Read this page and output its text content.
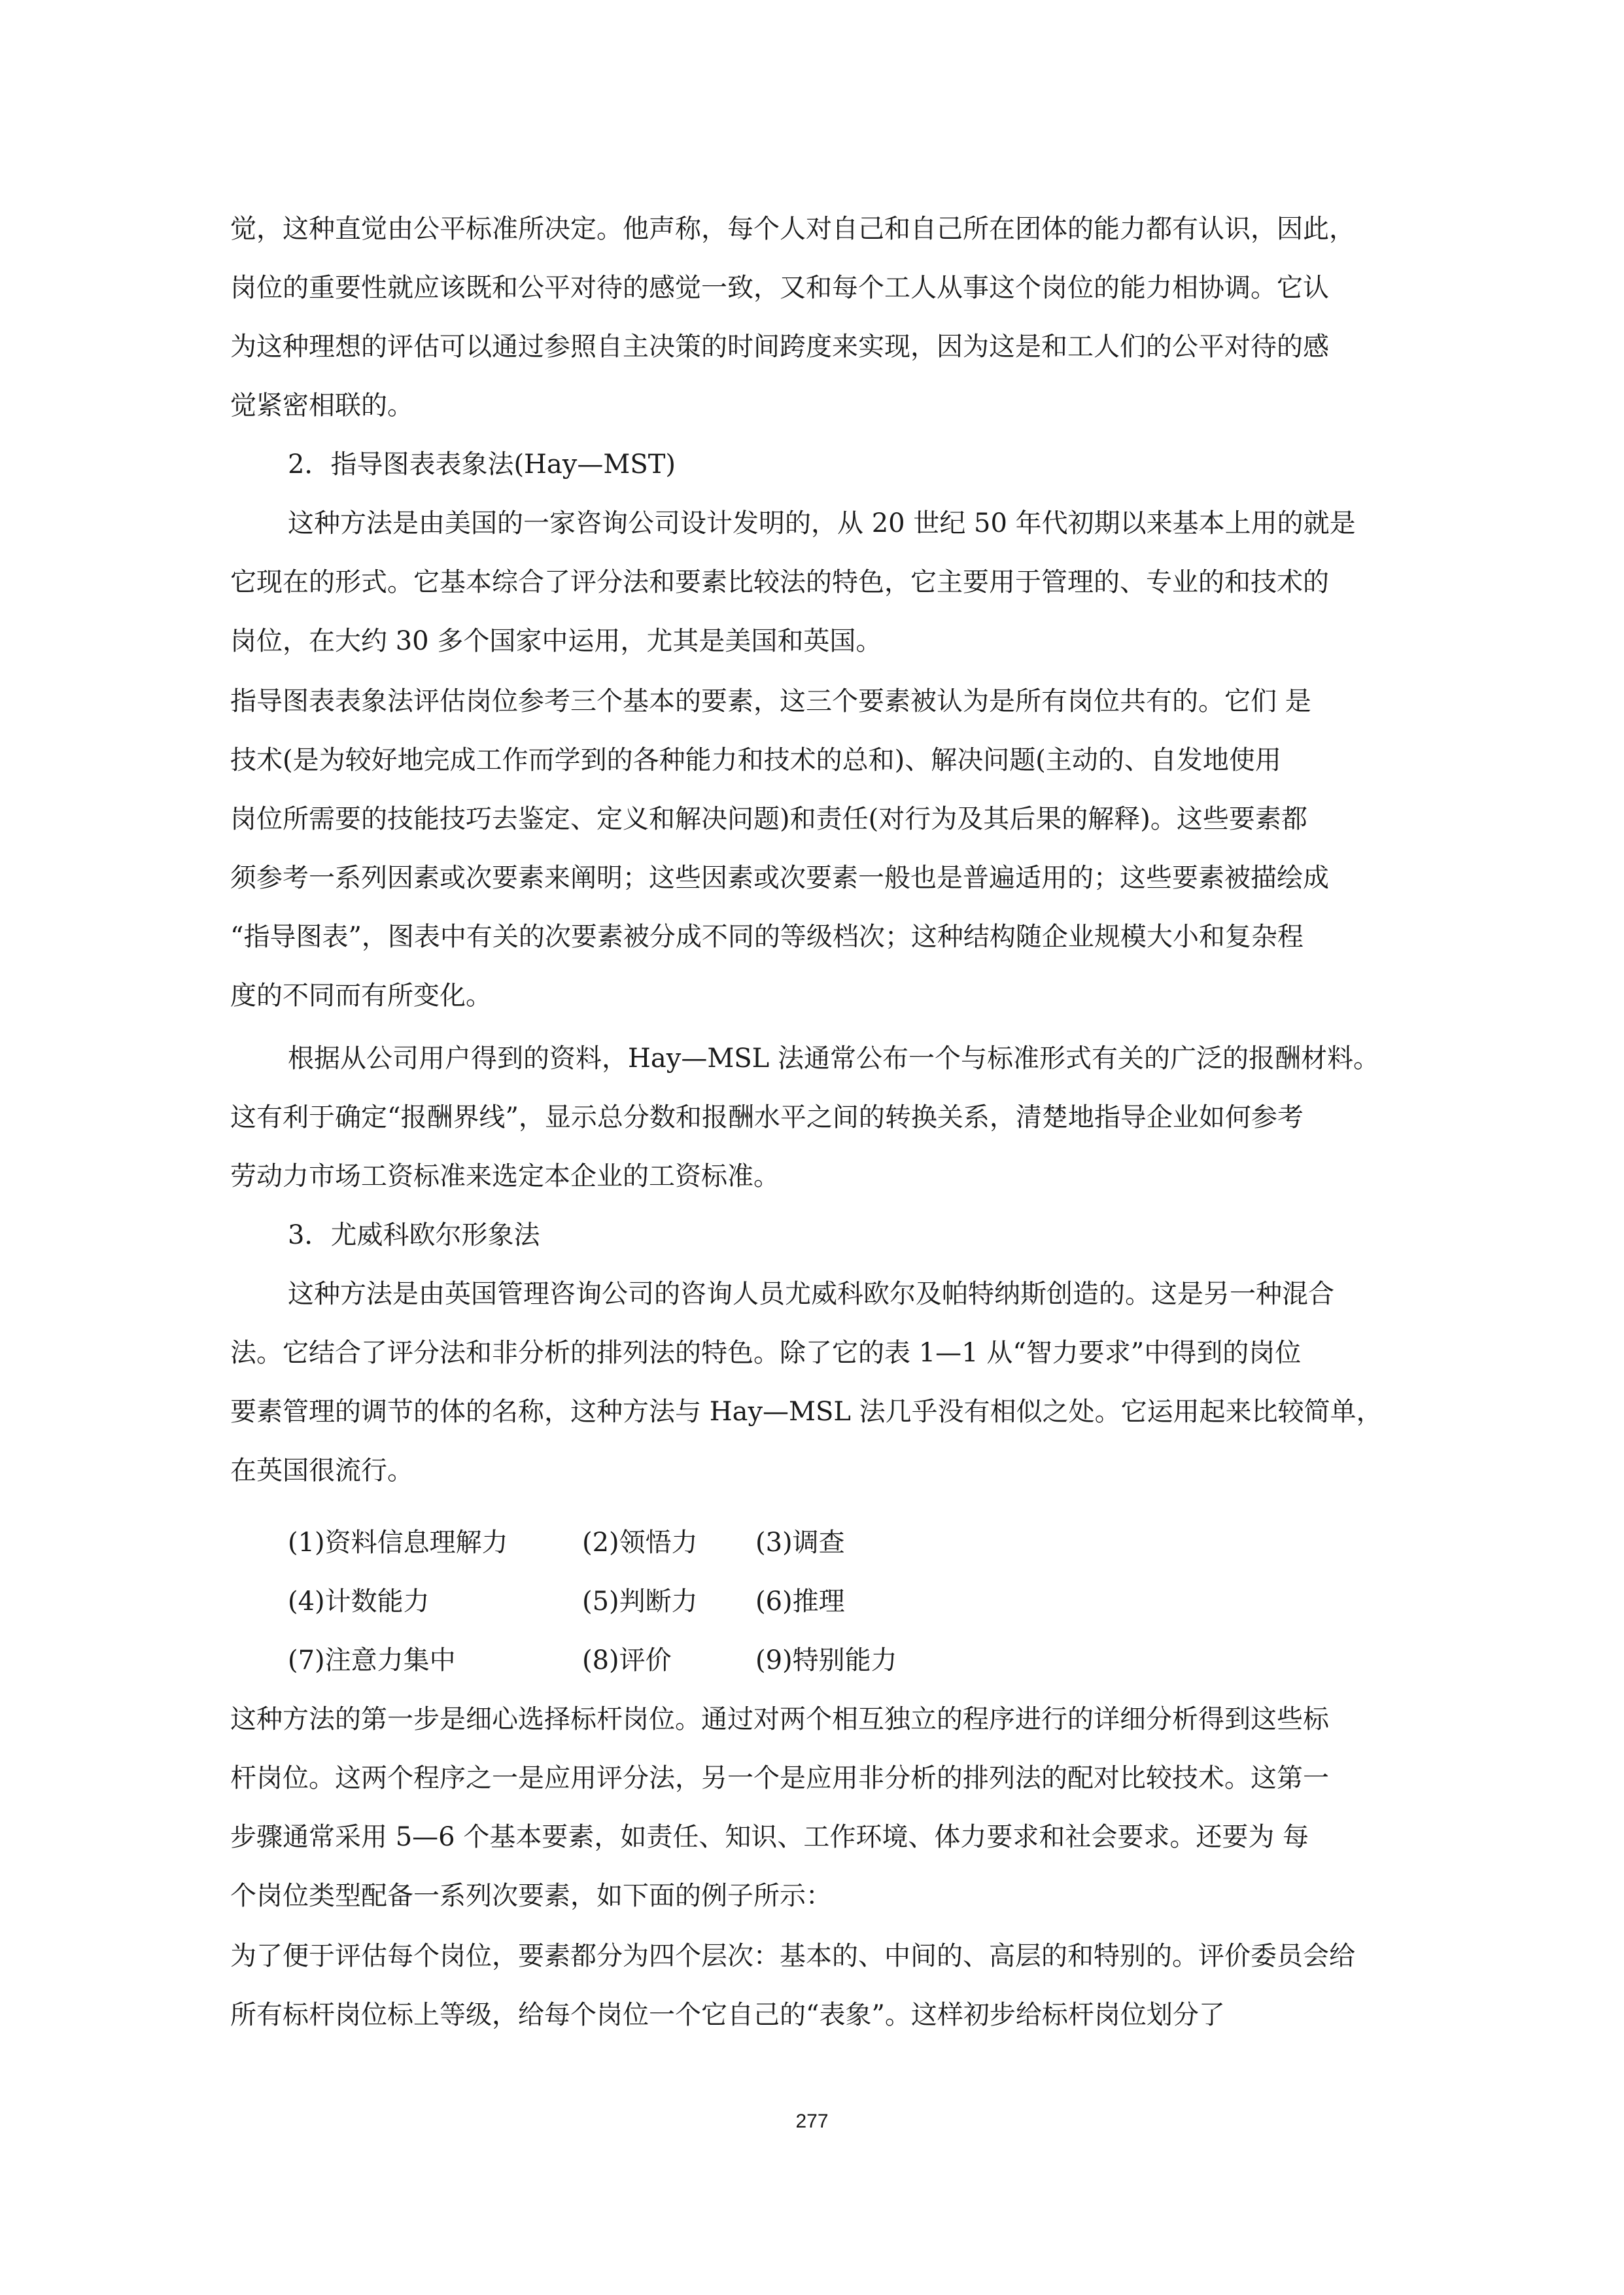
觉，这种直觉由公平标准所决定。他声称，每个人对自己和自己所在团体的能力都有认识，因此，
岗位的重要性就应该既和公平对待的感觉一致，又和每个工人从事这个岗位的能力相协调。它认
为这种理想的评估可以通过参照自主决策的时间跨度来实现，因为这是和工人们的公平对待的感
觉紧密相联的。
2．指导图表表象法(Hay—MST)
这种方法是由美国的一家咨询公司设计发明的，从 20 世纪 50 年代初期以来基本上用的就是
它现在的形式。它基本综合了评分法和要素比较法的特色，它主要用于管理的、专业的和技术的
岗位，在大约 30 多个国家中运用，尤其是美国和英国。
指导图表表象法评估岗位参考三个基本的要素，这三个要素被认为是所有岗位共有的。它们 是
技术(是为较好地完成工作而学到的各种能力和技术的总和)、解决问题(主动的、自发地使用
岗位所需要的技能技巧去鉴定、定义和解决问题)和责任(对行为及其后果的解释)。这些要素都
须参考一系列因素或次要素来阐明；这些因素或次要素一般也是普遍适用的；这些要素被描绘成
“指导图表”，图表中有关的次要素被分成不同的等级档次；这种结构随企业规模大小和复杂程
度的不同而有所变化。
根据从公司用户得到的资料，Hay—MSL 法通常公布一个与标准形式有关的广泛的报酬材料。
这有利于确定“报酬界线”，显示总分数和报酬水平之间的转换关系，清楚地指导企业如何参考
劳动力市场工资标准来选定本企业的工资标准。
3．尤威科欧尔形象法
这种方法是由英国管理咨询公司的咨询人员尤威科欧尔及帕特纳斯创造的。这是另一种混合
法。它结合了评分法和非分析的排列法的特色。除了它的表 1—1 从“智力要求”中得到的岗位
要素管理的调节的体的名称，这种方法与 Hay—MSL 法几乎没有相似之处。它运用起来比较简单，
在英国很流行。
(1)资料信息理解力	(2)领悟力 (3)调查
(4)计数能力	(5)判断力 (6)推理
(7)注意力集中	(8)评价	(9)特别能力
这种方法的第一步是细心选择标杆岗位。通过对两个相互独立的程序进行的详细分析得到这些标
杆岗位。这两个程序之一是应用评分法，另一个是应用非分析的排列法的配对比较技术。这第一
步骤通常采用 5—6 个基本要素，如责任、知识、工作环境、体力要求和社会要求。还要为 每
个岗位类型配备一系列次要素，如下面的例子所示：
为了便于评估每个岗位，要素都分为四个层次：基本的、中间的、高层的和特别的。评价委员会给
所有标杆岗位标上等级，给每个岗位一个它自己的“表象”。这样初步给标杆岗位划分了
277
